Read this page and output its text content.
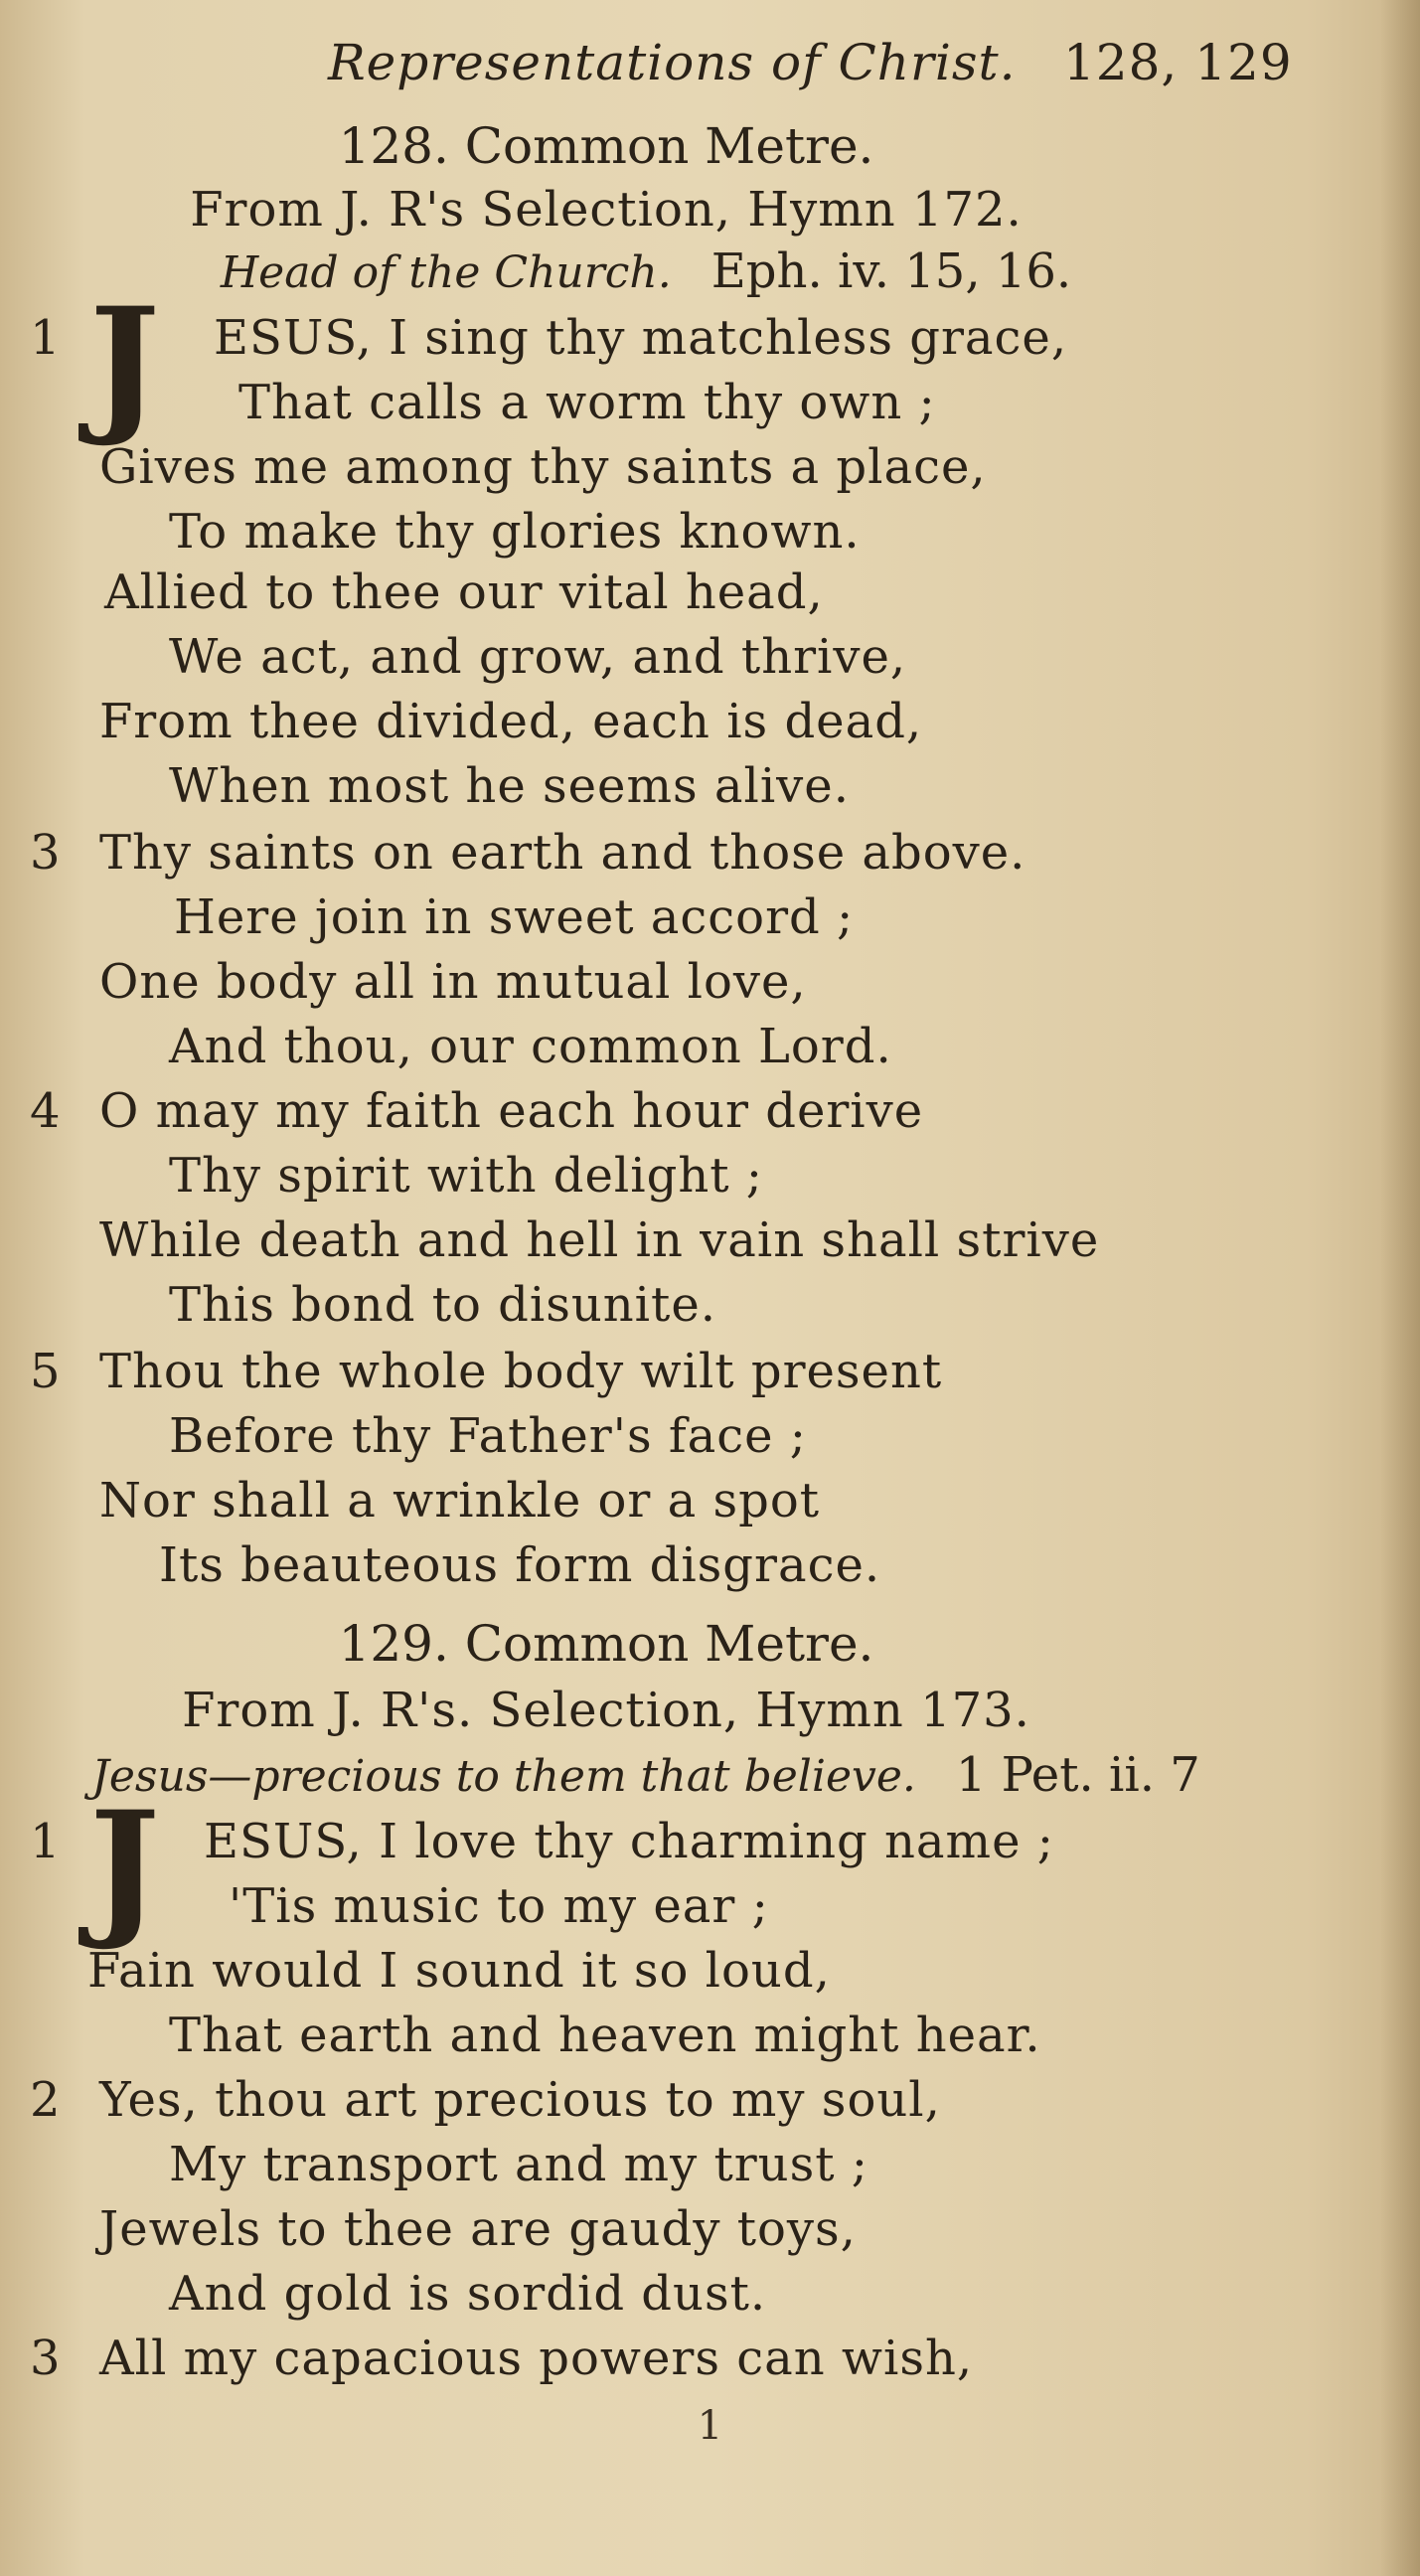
Representations of Christ. 128, 129
128. Common Metre.
From J. R's Selection, Hymn 172.
Head of the Church. Eph. iv. 15, 16.
1 J ESUS, I sing thy matchless grace,
That calls a worm thy own ;
Gives me among thy saints a place,
To make thy glories known.
Allied to thee our vital head,
We act, and grow, and thrive,
From thee divided, each is dead,
When most he seems alive.
3 Thy saints on earth and those above.
Here join in sweet accord ;
One body all in mutual love,
And thou, our common Lord.
4 O may my faith each hour derive
Thy spirit with delight ;
While death and hell in vain shall strive
This bond to disunite.
5 Thou the whole body wilt present
Before thy Father's face ;
Nor shall a wrinkle or a spot
Its beauteous form disgrace.
129. Common Metre.
From J. R's. Selection, Hymn 173.
Jesus—precious to them that believe. 1 Pet. ii. 7
1 J ESUS, I love thy charming name ;
'Tis music to my ear ;
Fain would I sound it so loud,
That earth and heaven might hear.
2 Yes, thou art precious to my soul,
My transport and my trust ;
Jewels to thee are gaudy toys,
And gold is sordid dust.
3 All my capacious powers can wish,
1
